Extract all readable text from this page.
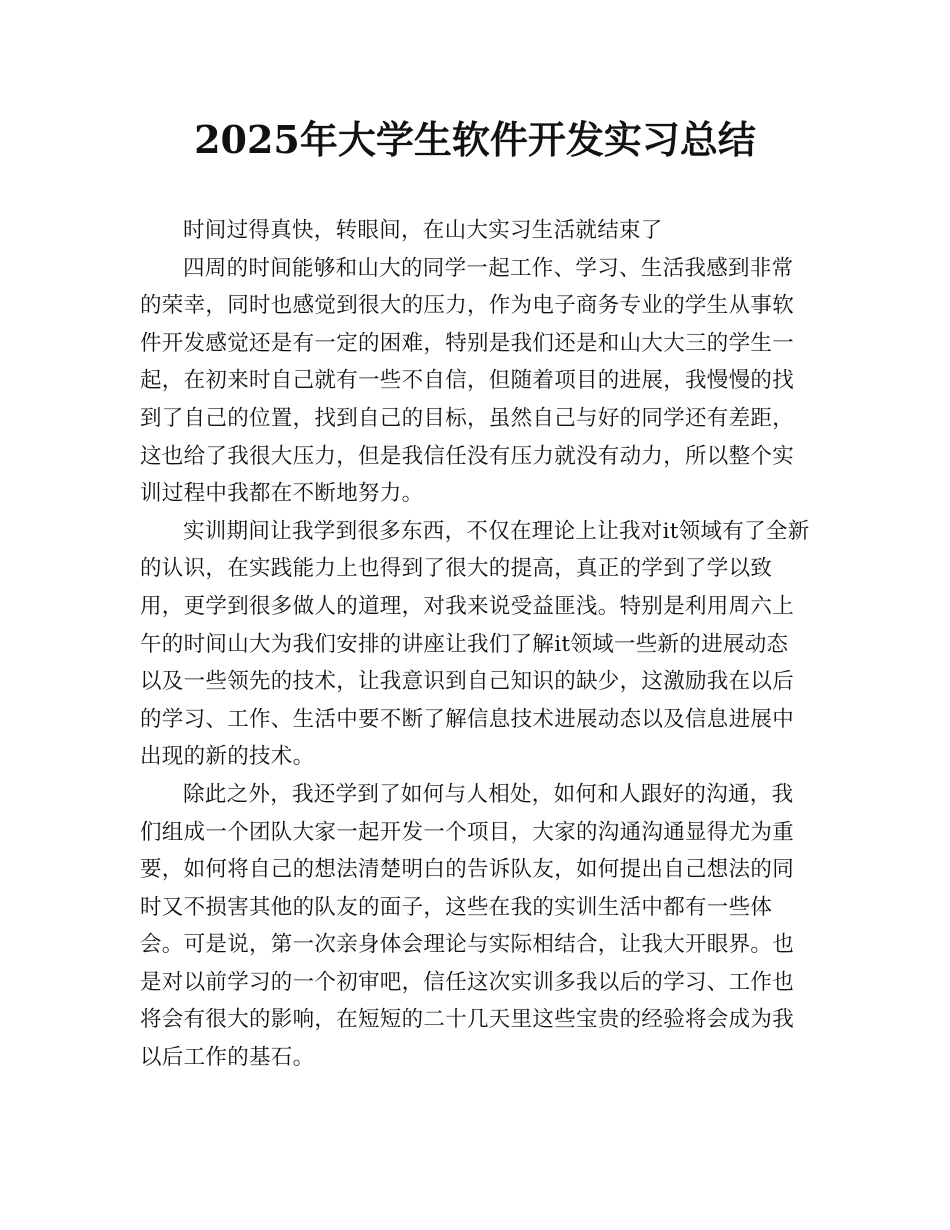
2025年大学生软件开发实习总结

时间过得真快，转眼间，在山大实习生活就结束了

四周的时间能够和山大的同学一起工作、学习、生活我感到非常的荣幸，同时也感觉到很大的压力，作为电子商务专业的学生从事软件开发感觉还是有一定的困难，特别是我们还是和山大大三的学生一起，在初来时自己就有一些不自信，但随着项目的进展，我慢慢的找到了自己的位置，找到自己的目标，虽然自己与好的同学还有差距，这也给了我很大压力，但是我信任没有压力就没有动力，所以整个实训过程中我都在不断地努力。

实训期间让我学到很多东西，不仅在理论上让我对it领域有了全新的认识，在实践能力上也得到了很大的提高，真正的学到了学以致用，更学到很多做人的道理，对我来说受益匪浅。特别是利用周六上午的时间山大为我们安排的讲座让我们了解it领域一些新的进展动态以及一些领先的技术，让我意识到自己知识的缺少，这激励我在以后的学习、工作、生活中要不断了解信息技术进展动态以及信息进展中出现的新的技术。

除此之外，我还学到了如何与人相处，如何和人跟好的沟通，我们组成一个团队大家一起开发一个项目，大家的沟通沟通显得尤为重要，如何将自己的想法清楚明白的告诉队友，如何提出自己想法的同时又不损害其他的队友的面子，这些在我的实训生活中都有一些体会。可是说，第一次亲身体会理论与实际相结合，让我大开眼界。也是对以前学习的一个初审吧，信任这次实训多我以后的学习、工作也将会有很大的影响，在短短的二十几天里这些宝贵的经验将会成为我以后工作的基石。
